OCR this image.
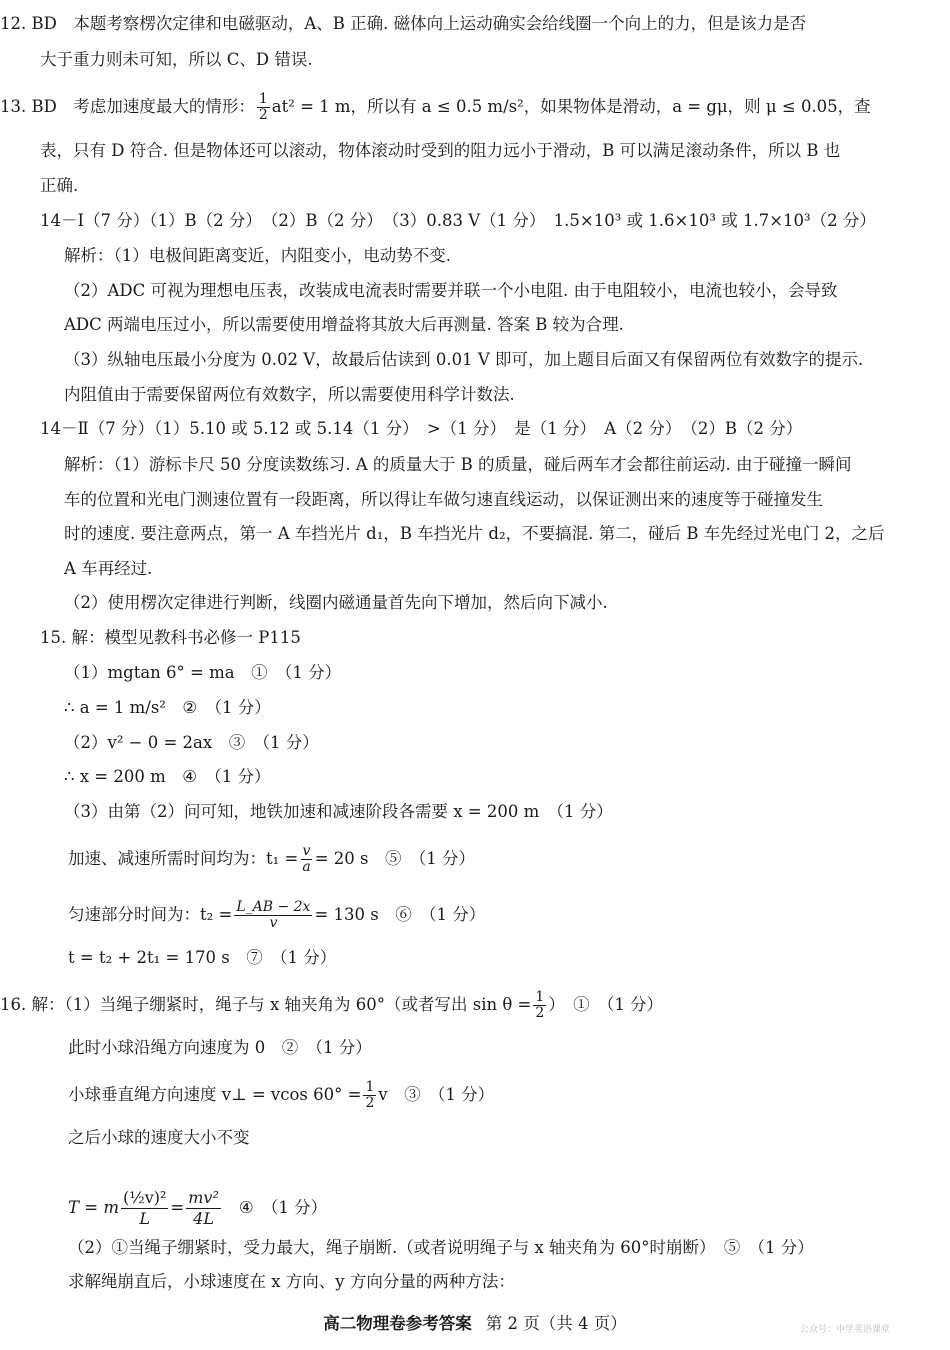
12. BD　本题考察楞次定律和电磁驱动，A、B 正确. 磁体向上运动确实会给线圈一个向上的力，但是该力是否
大于重力则未可知，所以 C、D 错误.
13. BD　考虑加速度最大的情形： $\frac{1}{2} at^2 = 1$ m，所以有 a ≤ 0.5 m/s²，如果物体是滑动，a = gμ，则 μ ≤ 0.05，查
表，只有 D 符合. 但是物体还可以滚动，物体滚动时受到的阻力远小于滑动，B 可以满足滚动条件，所以 B 也
正确.
14－Ⅰ（7 分）（1）B（2 分）　（2）B（2 分）　（3）0.83 V（1 分）　1.5×10³ 或 1.6×10³ 或 1.7×10³（2 分）
解析：（1）电极间距离变近，内阻变小，电动势不变.
（2）ADC 可视为理想电压表，改装成电流表时需要并联一个小电阻. 由于电阻较小，电流也较小，会导致
ADC 两端电压过小，所以需要使用增益将其放大后再测量. 答案 B 较为合理.
（3）纵轴电压最小分度为 0.02 V，故最后估读到 0.01 V 即可，加上题目后面又有保留两位有效数字的提示.
内阻值由于需要保留两位有效数字，所以需要使用科学计数法.
14－Ⅱ（7 分）（1）5.10 或 5.12 或 5.14（1 分）　>（1 分）　是（1 分）　A（2 分）　（2）B（2 分）
解析：（1）游标卡尺 50 分度读数练习. A 的质量大于 B 的质量，碰后两车才会都往前运动. 由于碰撞一瞬间
车的位置和光电门测速位置有一段距离，所以得让车做匀速直线运动，以保证测出来的速度等于碰撞发生
时的速度. 要注意两点，第一 A 车挡光片 d₁，B 车挡光片 d₂，不要搞混. 第二，碰后 B 车先经过光电门 2，之后
A 车再经过.
（2）使用楞次定律进行判断，线圈内磁通量首先向下增加，然后向下减小.
15. 解：模型见教科书必修一 P115
（1）mgtan 6° = ma　①　（1 分）
∴ a = 1 m/s²　②　（1 分）
（2）v² − 0 = 2ax　③　（1 分）
∴ x = 200 m　④　（1 分）
（3）由第（2）问可知，地铁加速和减速阶段各需要 x = 200 m　（1 分）
加速、减速所需时间均为：$t_1 = \frac{v}{a} = 20$ s　⑤　（1 分）
匀速部分时间为：$t_2 = \frac{L\_AB - 2x}{v} = 130$ s　⑥　（1 分）
t = t₂ + 2t₁ = 170 s　⑦　（1 分）
16. 解：（1）当绳子绷紧时，绳子与 x 轴夹角为 60°（或者写出 $\sin \theta = \frac{1}{2}$ ）　①　（1 分）
此时小球沿绳方向速度为 0　②　（1 分）
小球垂直绳方向速度 v⊥ = vcos $60^\circ = \frac{1}{2}$ v　③　（1 分）
之后小球的速度大小不变
T = m $\frac{\text{(½v)²}}{L} = \frac{\text{mv²}}{4L}$ ④　（1 分）
（2）①当绳子绷紧时，受力最大，绳子崩断.（或者说明绳子与 x 轴夹角为 60°时崩断）　⑤　（1 分）
求解绳崩直后，小球速度在 x 方向、y 方向分量的两种方法：
高二物理卷参考答案 第 2 页（共 4 页）	公众号：中学英语课堂
